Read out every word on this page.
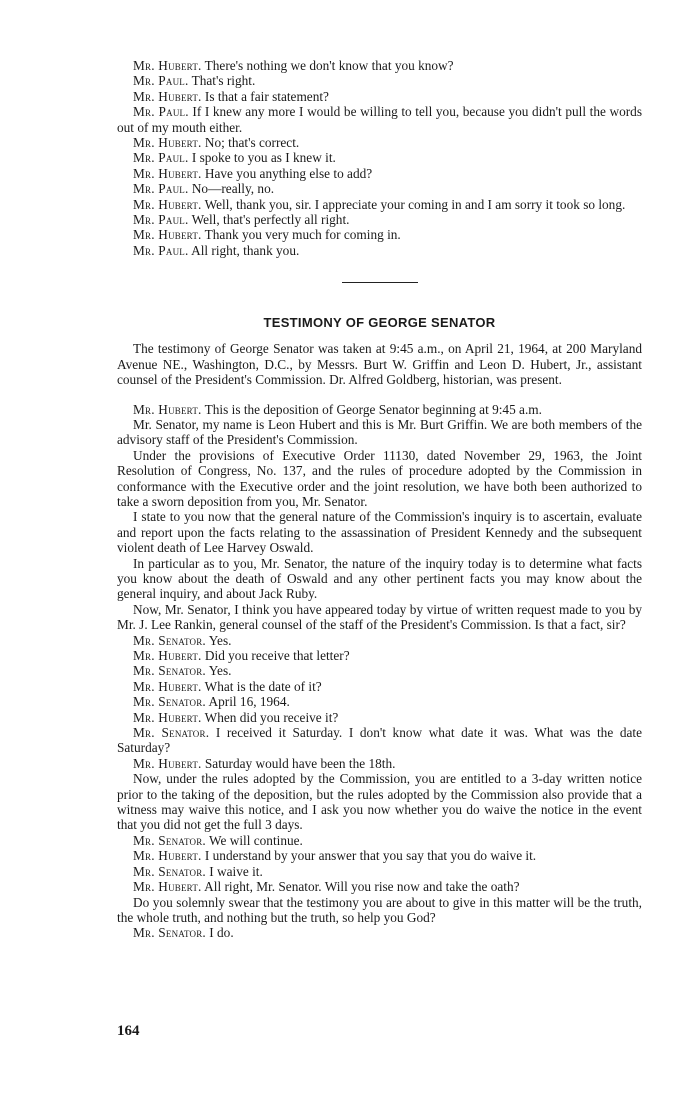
Mr. Hubert. There's nothing we don't know that you know?

Mr. Paul. That's right.

Mr. Hubert. Is that a fair statement?

Mr. Paul. If I knew any more I would be willing to tell you, because you didn't pull the words out of my mouth either.

Mr. Hubert. No; that's correct.

Mr. Paul. I spoke to you as I knew it.

Mr. Hubert. Have you anything else to add?

Mr. Paul. No—really, no.

Mr. Hubert. Well, thank you, sir. I appreciate your coming in and I am sorry it took so long.

Mr. Paul. Well, that's perfectly all right.

Mr. Hubert. Thank you very much for coming in.

Mr. Paul. All right, thank you.

TESTIMONY OF GEORGE SENATOR

The testimony of George Senator was taken at 9:45 a.m., on April 21, 1964, at 200 Maryland Avenue NE., Washington, D.C., by Messrs. Burt W. Griffin and Leon D. Hubert, Jr., assistant counsel of the President's Commission. Dr. Alfred Goldberg, historian, was present.

Mr. Hubert. This is the deposition of George Senator beginning at 9:45 a.m.

Mr. Senator, my name is Leon Hubert and this is Mr. Burt Griffin. We are both members of the advisory staff of the President's Commission.

Under the provisions of Executive Order 11130, dated November 29, 1963, the Joint Resolution of Congress, No. 137, and the rules of procedure adopted by the Commission in conformance with the Executive order and the joint resolution, we have both been authorized to take a sworn deposition from you, Mr. Senator.

I state to you now that the general nature of the Commission's inquiry is to ascertain, evaluate and report upon the facts relating to the assassination of President Kennedy and the subsequent violent death of Lee Harvey Oswald.

In particular as to you, Mr. Senator, the nature of the inquiry today is to determine what facts you know about the death of Oswald and any other pertinent facts you may know about the general inquiry, and about Jack Ruby.

Now, Mr. Senator, I think you have appeared today by virtue of written request made to you by Mr. J. Lee Rankin, general counsel of the staff of the President's Commission. Is that a fact, sir?

Mr. Senator. Yes.

Mr. Hubert. Did you receive that letter?

Mr. Senator. Yes.

Mr. Hubert. What is the date of it?

Mr. Senator. April 16, 1964.

Mr. Hubert. When did you receive it?

Mr. Senator. I received it Saturday. I don't know what date it was. What was the date Saturday?

Mr. Hubert. Saturday would have been the 18th.

Now, under the rules adopted by the Commission, you are entitled to a 3-day written notice prior to the taking of the deposition, but the rules adopted by the Commission also provide that a witness may waive this notice, and I ask you now whether you do waive the notice in the event that you did not get the full 3 days.

Mr. Senator. We will continue.

Mr. Hubert. I understand by your answer that you say that you do waive it.

Mr. Senator. I waive it.

Mr. Hubert. All right, Mr. Senator. Will you rise now and take the oath?

Do you solemnly swear that the testimony you are about to give in this matter will be the truth, the whole truth, and nothing but the truth, so help you God?

Mr. Senator. I do.

164
